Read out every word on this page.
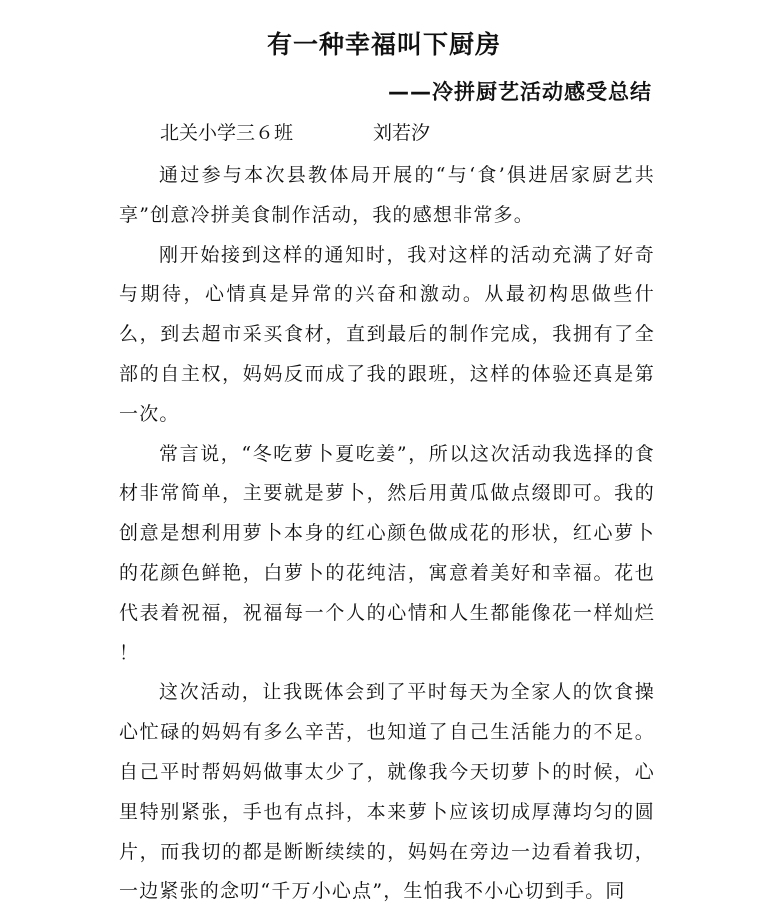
有一种幸福叫下厨房
——冷拼厨艺活动感受总结
北关小学三６班	刘若汐

通过参与本次县教体局开展的“与‘食’俱进居家厨艺共享”创意冷拼美食制作活动，我的感想非常多。

刚开始接到这样的通知时，我对这样的活动充满了好奇与期待，心情真是异常的兴奋和激动。从最初构思做些什么，到去超市采买食材，直到最后的制作完成，我拥有了全部的自主权，妈妈反而成了我的跟班，这样的体验还真是第一次。

常言说，“冬吃萝卜夏吃姜”，所以这次活动我选择的食材非常简单，主要就是萝卜，然后用黄瓜做点缀即可。我的创意是想利用萝卜本身的红心颜色做成花的形状，红心萝卜的花颜色鲜艳，白萝卜的花纯洁，寓意着美好和幸福。花也代表着祝福，祝福每一个人的心情和人生都能像花一样灿烂 ！

这次活动，让我既体会到了平时每天为全家人的饮食操心忙碌的妈妈有多么辛苦，也知道了自己生活能力的不足。自己平时帮妈妈做事太少了，就像我今天切萝卜的时候，心里特别紧张，手也有点抖，本来萝卜应该切成厚薄均匀的圆片，而我切的都是断断续续的，妈妈在旁边一边看着我切，一边紧张的念叨“千万小心点”，生怕我不小心切到手。同
